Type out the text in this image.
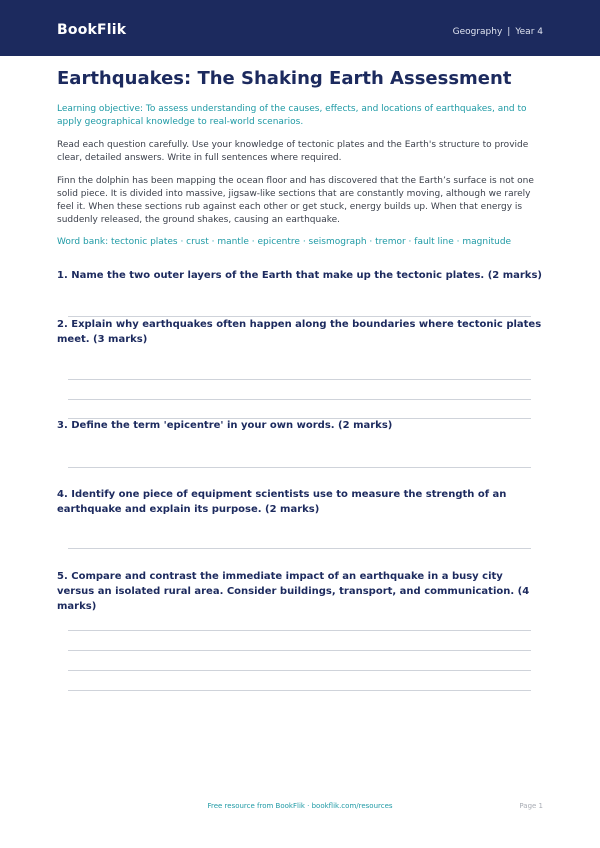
BookFlik	Geography | Year 4
Earthquakes: The Shaking Earth Assessment
Learning objective: To assess understanding of the causes, effects, and locations of earthquakes, and to apply geographical knowledge to real-world scenarios.
Read each question carefully. Use your knowledge of tectonic plates and the Earth's structure to provide clear, detailed answers. Write in full sentences where required.
Finn the dolphin has been mapping the ocean floor and has discovered that the Earth’s surface is not one solid piece. It is divided into massive, jigsaw-like sections that are constantly moving, although we rarely feel it. When these sections rub against each other or get stuck, energy builds up. When that energy is suddenly released, the ground shakes, causing an earthquake.
Word bank: tectonic plates · crust · mantle · epicentre · seismograph · tremor · fault line · magnitude
1. Name the two outer layers of the Earth that make up the tectonic plates. (2 marks)
2. Explain why earthquakes often happen along the boundaries where tectonic plates meet. (3 marks)
3. Define the term 'epicentre' in your own words. (2 marks)
4. Identify one piece of equipment scientists use to measure the strength of an earthquake and explain its purpose. (2 marks)
5. Compare and contrast the immediate impact of an earthquake in a busy city versus an isolated rural area. Consider buildings, transport, and communication. (4 marks)
Free resource from BookFlik · bookflik.com/resources	Page 1
